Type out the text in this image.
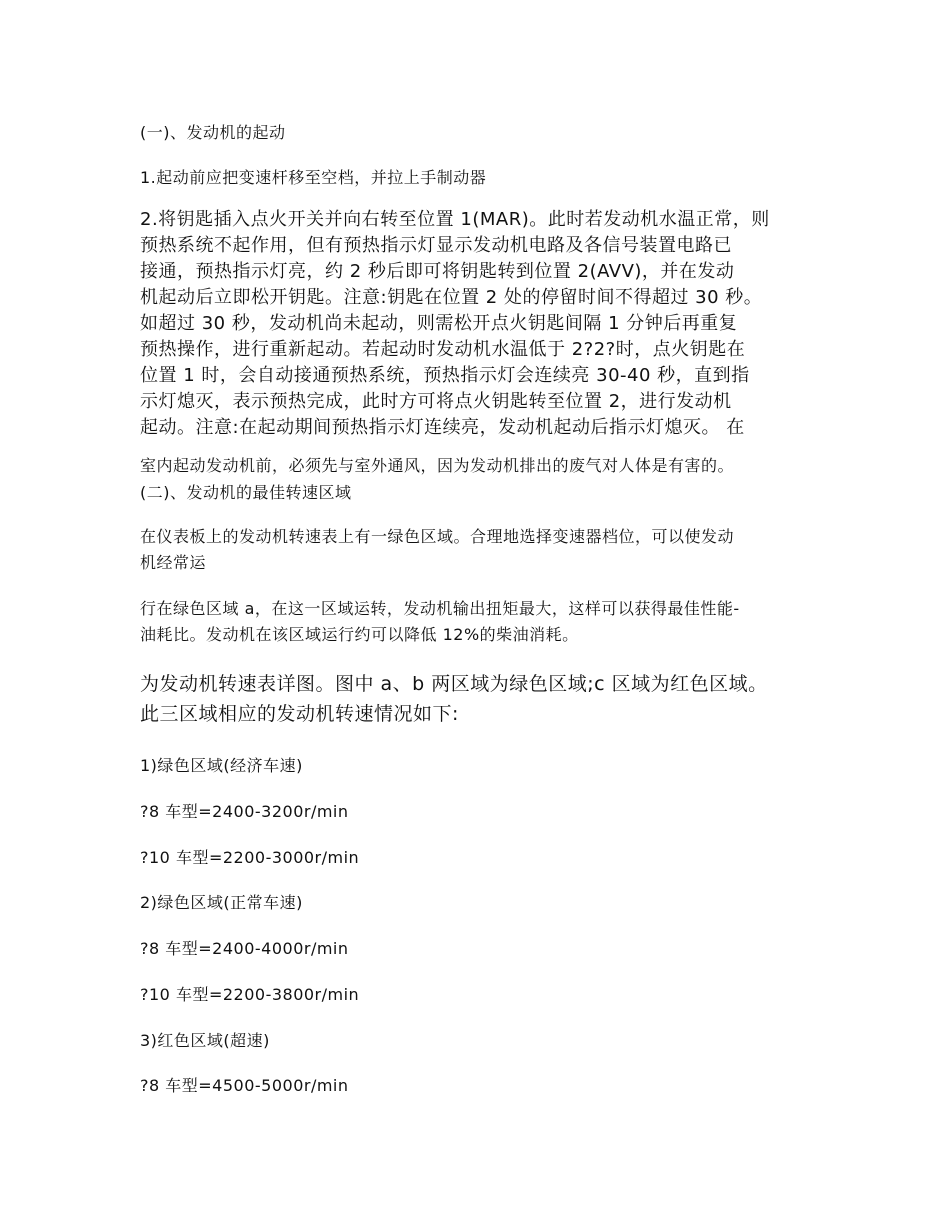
(一)、发动机的起动
1.起动前应把变速杆移至空档，并拉上手制动器
2.将钥匙插入点火开关并向右转至位置 1(MAR)。此时若发动机水温正常，则
预热系统不起作用，但有预热指示灯显示发动机电路及各信号装置电路已
接通，预热指示灯亮，约 2 秒后即可将钥匙转到位置 2(AVV)，并在发动
机起动后立即松开钥匙。注意:钥匙在位置 2 处的停留时间不得超过 30 秒。
如超过 30 秒，发动机尚未起动，则需松开点火钥匙间隔 1 分钟后再重复
预热操作，进行重新起动。若起动时发动机水温低于 2?2?时，点火钥匙在
位置 1 时，会自动接通预热系统，预热指示灯会连续亮 30-40 秒，直到指
示灯熄灭，表示预热完成，此时方可将点火钥匙转至位置 2，进行发动机
起动。注意:在起动期间预热指示灯连续亮，发动机起动后指示灯熄灭。 在
室内起动发动机前，必须先与室外通风，因为发动机排出的废气对人体是有害的。
(二)、发动机的最佳转速区域
在仪表板上的发动机转速表上有一绿色区域。合理地选择变速器档位，可以使发动
机经常运
行在绿色区域 a，在这一区域运转，发动机输出扭矩最大，这样可以获得最佳性能-
油耗比。发动机在该区域运行约可以降低 12%的柴油消耗。
为发动机转速表详图。图中 a、b 两区域为绿色区域;c 区域为红色区域。
此三区域相应的发动机转速情况如下:
1)绿色区域(经济车速)
?8 车型=2400-3200r/min
?10 车型=2200-3000r/min
2)绿色区域(正常车速)
?8 车型=2400-4000r/min
?10 车型=2200-3800r/min
3)红色区域(超速)
?8 车型=4500-5000r/min
